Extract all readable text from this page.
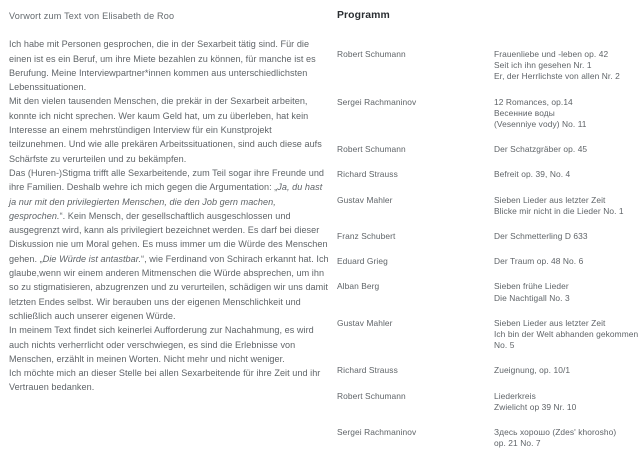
Vorwort zum Text von Elisabeth de Roo

Ich habe mit Personen gesprochen, die in der Sexarbeit tätig sind. Für die einen ist es ein Beruf, um ihre Miete bezahlen zu können, für manche ist es Berufung. Meine Interviewpartner*innen kommen aus unterschiedlichsten Lebenssituationen.

Mit den vielen tausenden Menschen, die prekär in der Sexarbeit arbeiten, konnte ich nicht sprechen. Wer kaum Geld hat, um zu überleben, hat kein Interesse an einem mehrstündigen Interview für ein Kunstprojekt teilzunehmen. Und wie alle prekären Arbeitssituationen, sind auch diese aufs Schärfste zu verurteilen und zu bekämpfen.

Das (Huren-)Stigma trifft alle Sexarbeitende, zum Teil sogar ihre Freunde und ihre Familien. Deshalb wehre ich mich gegen die Argumentation: „Ja, du hast ja nur mit den privilegierten Menschen, die den Job gern machen, gesprochen.“. Kein Mensch, der gesellschaftlich ausgeschlossen und ausgegrenzt wird, kann als privilegiert bezeichnet werden. Es darf bei dieser Diskussion nie um Moral gehen. Es muss immer um die Würde des Menschen gehen. „Die Würde ist antastbar.“, wie Ferdinand von Schirach erkannt hat. Ich glaube,wenn wir einem anderen Mitmenschen die Würde absprechen, um ihn so zu stigmatisieren, abzugrenzen und zu verurteilen, schädigen wir uns damit letzten Endes selbst. Wir berauben uns der eigenen Menschlichkeit und schließlich auch unserer eigenen Würde.

In meinem Text findet sich keinerlei Aufforderung zur Nachahmung, es wird auch nichts verherrlicht oder verschwiegen, es sind die Erlebnisse von Menschen, erzählt in meinen Worten. Nicht mehr und nicht weniger.

Ich möchte mich an dieser Stelle bei allen Sexarbeitende für ihre Zeit und ihr Vertrauen bedanken.

Programm
Robert Schumann	Frauenliebe und -leben op. 42
Seit ich ihn gesehen Nr. 1
Er, der Herrlichste von allen Nr. 2
Sergei Rachmaninov	12 Romances, op.14
Весенние воды
(Vesenniye vody) No. 11
Robert Schumann	Der Schatzgräber op. 45
Richard Strauss	Befreit op. 39, No. 4
Gustav Mahler	Sieben Lieder aus letzter Zeit
Blicke mir nicht in die Lieder No. 1
Franz Schubert	Der Schmetterling D 633
Eduard Grieg	Der Traum op. 48 No. 6
Alban Berg	Sieben frühe Lieder
Die Nachtigall No. 3
Gustav Mahler	Sieben Lieder aus letzter Zeit
Ich bin der Welt abhanden gekommen
No. 5
Richard Strauss	Zueignung, op. 10/1
Robert Schumann	Liederkreis
Zwielicht op 39 Nr. 10
Sergei Rachmaninov	Здесь хорошо (Zdes' khorosho)
op. 21 No. 7
